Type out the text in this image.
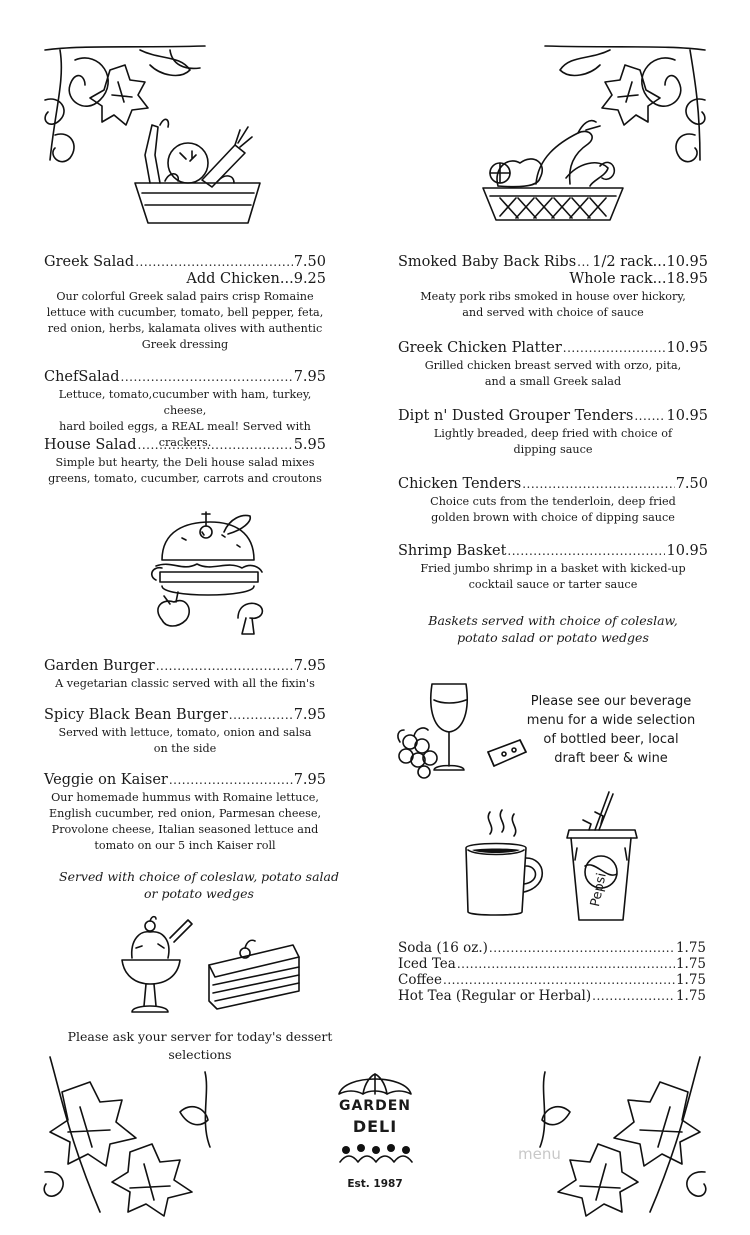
Greek Salad .....	7.50
Add Chicken...9.25
Our colorful Greek salad pairs crisp Romaine
lettuce with cucumber, tomato, bell pepper, feta,
red onion, herbs, kalamata olives with authentic
Greek dressing
ChefSalad .....	7.95
Lettuce, tomato,cucumber with ham, turkey, cheese,
hard boiled eggs, a REAL meal! Served with crackers.
House Salad .....	5.95
Simple but hearty, the Deli house salad mixes
greens, tomato, cucumber, carrots and croutons
Garden Burger .....	7.95
A vegetarian classic served with all the fixin's
Spicy Black Bean Burger .....	7.95
Served with lettuce, tomato, onion and salsa
on the side
Veggie on Kaiser .....	7.95
Our homemade hummus with Romaine lettuce,
English cucumber, red onion, Parmesan cheese,
Provolone cheese, Italian seasoned lettuce and
tomato on our 5 inch Kaiser roll
Served with choice of coleslaw, potato salad
or potato wedges
Please ask your server for today's dessert
selections
Smoked Baby Back Ribs ..... 1/2 rack...10.95
Whole rack...18.95
Meaty pork ribs smoked in house over hickory,
and served with choice of sauce
Greek Chicken Platter .....	10.95
Grilled chicken breast served with orzo, pita,
and a small Greek salad
Dipt n' Dusted Grouper Tenders ..... 10.95
Lightly breaded, deep fried with choice of
dipping sauce
Chicken Tenders .....	7.50
Choice cuts from the tenderloin, deep fried
golden brown with choice of dipping sauce
Shrimp Basket .....	10.95
Fried jumbo shrimp in a basket with kicked-up
cocktail sauce or tarter sauce
Baskets served with choice of coleslaw,
potato salad or potato wedges
Please see our beverage
menu for a wide selection
of bottled beer, local
draft beer & wine
Pepsi
Soda (16 oz.) .....	1.75
Iced Tea .....	1.75
Coffee .....	1.75
Hot Tea (Regular or Herbal) .....	1.75
GARDEN
DELI
Est. 1987
menu
